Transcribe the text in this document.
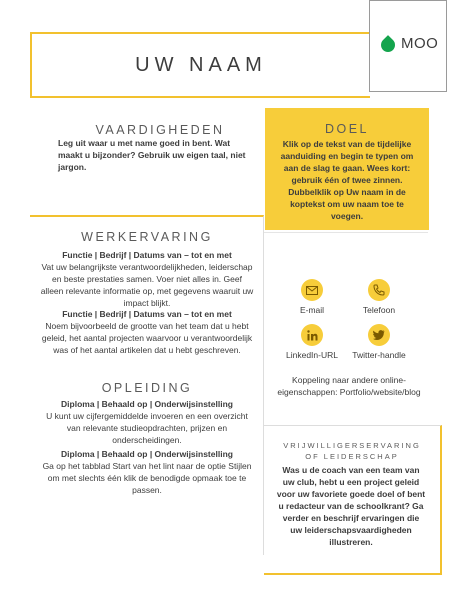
UW NAAM
MOO
VAARDIGHEDEN
Leg uit waar u met name goed in bent. Wat maakt u bijzonder? Gebruik uw eigen taal, niet jargon.
DOEL
Klik op de tekst van de tijdelijke aanduiding en begin te typen om aan de slag te gaan. Wees kort: gebruik één of twee zinnen.
Dubbelklik op Uw naam in de koptekst om uw naam toe te voegen.
WERKERVARING
Functie | Bedrijf | Datums van – tot en met
Vat uw belangrijkste verantwoordelijkheden, leiderschap en beste prestaties samen. Voer niet alles in. Geef alleen relevante informatie op, met gegevens waaruit uw impact blijkt.
Functie | Bedrijf | Datums van – tot en met
Noem bijvoorbeeld de grootte van het team dat u hebt geleid, het aantal projecten waarvoor u verantwoordelijk was of het aantal artikelen dat u hebt geschreven.
OPLEIDING
Diploma | Behaald op | Onderwijsinstelling
U kunt uw cijfergemiddelde invoeren en een overzicht van relevante studieopdrachten, prijzen en onderscheidingen.
Diploma | Behaald op | Onderwijsinstelling
Ga op het tabblad Start van het lint naar de optie Stijlen om met slechts één klik de benodigde opmaak toe te passen.
E-mail	Telefoon
LinkedIn-URL	Twitter-handle
Koppeling naar andere online-eigenschappen: Portfolio/website/blog
VRIJWILLIGERSERVARING OF LEIDERSCHAP
Was u de coach van een team van uw club, hebt u een project geleid voor uw favoriete goede doel of bent u redacteur van de schoolkrant? Ga verder en beschrijf ervaringen die uw leiderschapsvaardigheden illustreren.
